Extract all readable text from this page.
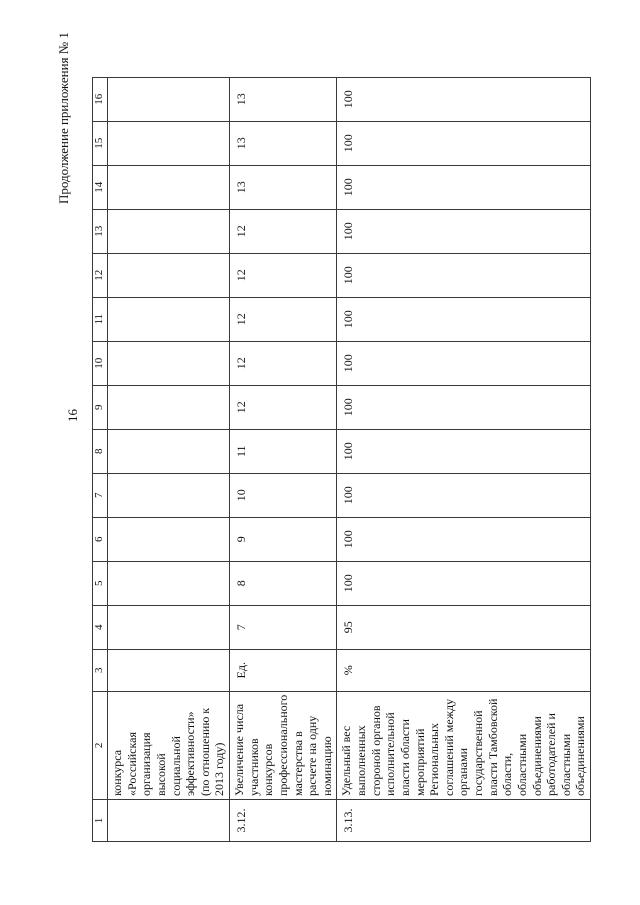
Продолжение приложения № 1
16
1	2	3	4	5	6	7	8	9	10	11	12	13	14	15	16
	конкурса «Российская организация высокой социальной эффективности» (по отношению к 2013 году)														
3.12.	Увеличение числа участников конкурсов профессионального мастерства в расчете на одну номинацию	Ед.	7	8	9	10	11	12	12	12	12	12	13	13	13
3.13.	Удельный вес выполненных стороной органов исполнительной власти области мероприятий Региональных соглашений между органами государственной власти Тамбовской области, областными объединениями работодателей и областными объединениями	%	95	100	100	100	100	100	100	100	100	100	100	100	100
